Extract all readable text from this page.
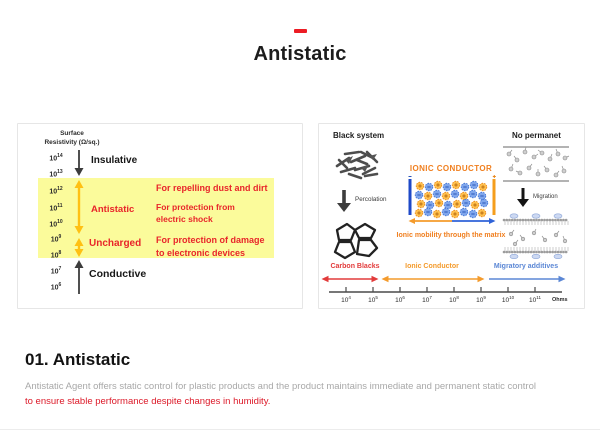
Antistatic
Surface
Resistivity (Ω/sq.)
$10^{14}$
$10^{13}$
$10^{12}$
$10^{11}$
$10^{10}$
$10^9$
$10^8$
$10^7$
$10^6$
Insulative
Antistatic
Uncharged
Conductive
For repelling dust and dirt
For protection from
electric shock
For protection of damage
to electronic devices
Black system
Percolation
IONIC CONDUCTOR
Ionic mobility through the matrix
No permanet
Migration
Carbon Blacks	Ionic Conductor	Migratory additives
$10^4$	$10^5$	$10^6$	$10^7$	$10^8$	$10^9$ $10^{10}$ $10^{11}$ Ohms
01. Antistatic
Antistatic Agent offers static control for plastic products and the product maintains immediate and permanent static control
to ensure stable performance despite changes in humidity.
